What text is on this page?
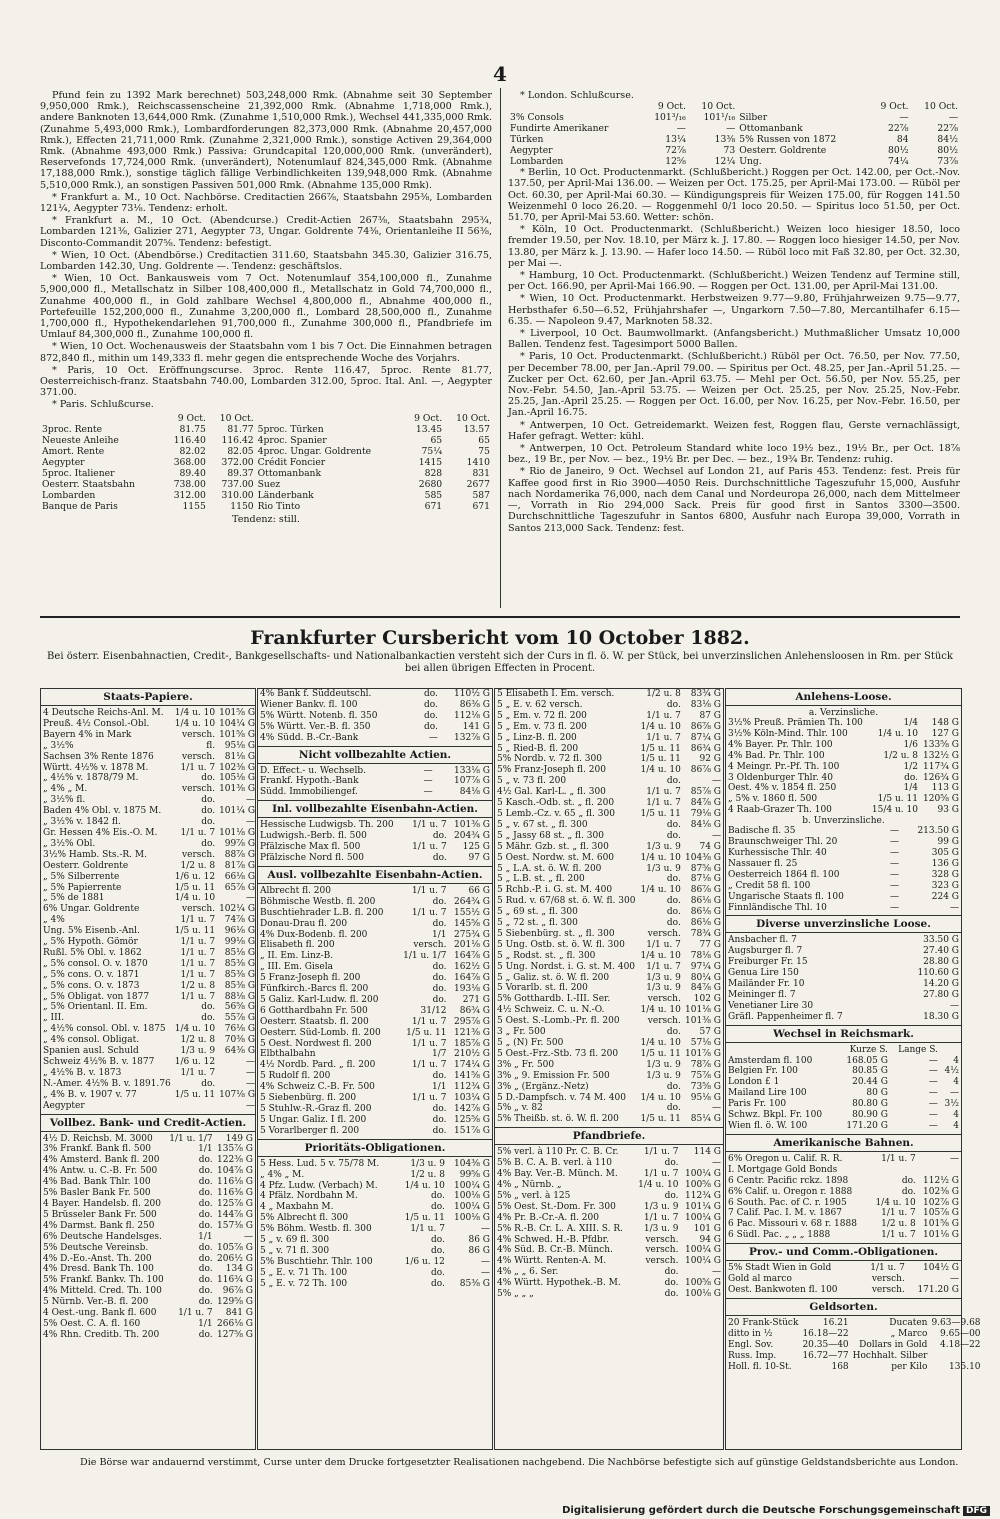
4

Pfund fein zu 1392 Mark berechnet) 503,248,000 Rmk. (Abnahme seit 30 September 9,950,000 Rmk.), Reichscassenscheine 21,392,000 Rmk. (Abnahme 1,718,000 Rmk.), andere Banknoten 13,644,000 Rmk. (Zunahme 1,510,000 Rmk.), Wechsel 441,335,000 Rmk. (Zunahme 5,493,000 Rmk.), Lombardforderungen 82,373,000 Rmk. (Abnahme 20,457,000 Rmk.), Effecten 21,711,000 Rmk. (Zunahme 2,321,000 Rmk.), sonstige Activen 29,364,000 Rmk. (Abnahme 493,000 Rmk.) Passiva: Grundcapital 120,000,000 Rmk. (unverändert), Reservefonds 17,724,000 Rmk. (unverändert), Notenumlauf 824,345,000 Rmk. (Abnahme 17,188,000 Rmk.), sonstige täglich fällige Verbindlichkeiten 139,948,000 Rmk. (Abnahme 5,510,000 Rmk.), an sonstigen Passiven 501,000 Rmk. (Abnahme 135,000 Rmk).

* Frankfurt a. M., 10 Oct. Nachbörse. Creditactien 266⅞, Staatsbahn 295⅜, Lombarden 121¼, Aegypter 73⅛. Tendenz: erholt.

* Frankfurt a. M., 10 Oct. (Abendcurse.) Credit-Actien 267⅜, Staatsbahn 295¾, Lombarden 121⅜, Galizier 271, Aegypter 73, Ungar. Goldrente 74⅜, Orientanleihe II 56⅜, Disconto-Commandit 207⅝. Tendenz: befestigt.

* Wien, 10 Oct. (Abendbörse.) Creditactien 311.60, Staatsbahn 345.30, Galizier 316.75, Lombarden 142.30, Ung. Goldrente —. Tendenz: geschäftslos.

* Wien, 10 Oct. Bankausweis vom 7 Oct. Notenumlauf 354,100,000 fl., Zunahme 5,900,000 fl., Metallschatz in Silber 108,400,000 fl., Metallschatz in Gold 74,700,000 fl., Zunahme 400,000 fl., in Gold zahlbare Wechsel 4,800,000 fl., Abnahme 400,000 fl., Portefeuille 152,200,000 fl., Zunahme 3,200,000 fl., Lombard 28,500,000 fl., Zunahme 1,700,000 fl., Hypothekendarlehen 91,700,000 fl., Zunahme 300,000 fl., Pfandbriefe im Umlauf 84,300,000 fl., Zunahme 100,000 fl.

* Wien, 10 Oct. Wochenausweis der Staatsbahn vom 1 bis 7 Oct. Die Einnahmen betragen 872,840 fl., mithin um 149,333 fl. mehr gegen die entsprechende Woche des Vorjahrs.

* Paris, 10 Oct. Eröffnungscurse. 3proc. Rente 116.47, 5proc. Rente 81.77, Oesterreichisch-franz. Staatsbahn 740.00, Lombarden 312.00, 5proc. Ital. Anl. —, Aegypter 371.00.

* Paris. Schlußcurse.

	9 Oct.	10 Oct.		9 Oct.	10 Oct.
3proc. Rente	81.75	81.77	5proc. Türken	13.45	13.57
Neueste Anleihe	116.40	116.42	4proc. Spanier	65	65
Amort. Rente	82.02	82.05	4proc. Ungar. Goldrente	75¼	75
Aegypter	368.00	372.00	Crédit Foncier	1415	1410
5proc. Italiener	89.40	89.37	Ottomanbank	828	831
Oesterr. Staatsbahn	738.00	737.00	Suez	2680	2677
Lombarden	312.00	310.00	Länderbank	585	587
Banque de Paris	1155	1150	Rio Tinto	671	671
Tendenz: still.
* London. Schlußcurse.
	9 Oct.	10 Oct.		9 Oct.	10 Oct.
3% Consols	101³/₁₆	101¹/₁₆	Silber	—	—
Fundirte Amerikaner	—	—	Ottomanbank	22⅞	22⅞
Türken	13¼	13⅜	5% Russen von 1872	84	84½
Aegypter	72⅞	73	Oesterr. Goldrente	80½	80½
Lombarden	12⅝	12¼	Ung.	74¼	73⅞

* Berlin, 10 Oct. Productenmarkt. (Schlußbericht.) Roggen per Oct. 142.00, per Oct.-Nov. 137.50, per April-Mai 136.00. — Weizen per Oct. 175.25, per April-Mai 173.00. — Rüböl per Oct. 60.30, per April-Mai 60.30. — Kündigungspreis für Weizen 175.00, für Roggen 141.50 Weizenmehl 0 loco 26.20. — Roggenmehl 0/1 loco 20.50. — Spiritus loco 51.50, per Oct. 51.70, per April-Mai 53.60. Wetter: schön.

* Köln, 10 Oct. Productenmarkt. (Schlußbericht.) Weizen loco hiesiger 18.50, loco fremder 19.50, per Nov. 18.10, per März k. J. 17.80. — Roggen loco hiesiger 14.50, per Nov. 13.80, per März k. J. 13.90. — Hafer loco 14.50. — Rüböl loco mit Faß 32.80, per Oct. 32.30, per Mai —.

* Hamburg, 10 Oct. Productenmarkt. (Schlußbericht.) Weizen Tendenz auf Termine still, per Oct. 166.90, per April-Mai 166.90. — Roggen per Oct. 131.00, per April-Mai 131.00.

* Wien, 10 Oct. Productenmarkt. Herbstweizen 9.77—9.80, Frühjahrweizen 9.75—9.77, Herbsthafer 6.50—6.52, Frühjahrshafer —, Ungarkorn 7.50—7.80, Mercantilhafer 6.15—6.35. — Napoleon 9.47, Marknoten 58.32.

* Liverpool, 10 Oct. Baumwollmarkt. (Anfangsbericht.) Muthmaßlicher Umsatz 10,000 Ballen. Tendenz fest. Tagesimport 5000 Ballen.

* Paris, 10 Oct. Productenmarkt. (Schlußbericht.) Rüböl per Oct. 76.50, per Nov. 77.50, per December 78.00, per Jan.-April 79.00. — Spiritus per Oct. 48.25, per Jan.-April 51.25. — Zucker per Oct. 62.60, per Jan.-April 63.75. — Mehl per Oct. 56.50, per Nov. 55.25, per Nov.-Febr. 54.50, Jan.-April 53.75. — Weizen per Oct. 25.25, per Nov. 25.25, Nov.-Febr. 25.25, Jan.-April 25.25. — Roggen per Oct. 16.00, per Nov. 16.25, per Nov.-Febr. 16.50, per Jan.-April 16.75.

* Antwerpen, 10 Oct. Getreidemarkt. Weizen fest, Roggen flau, Gerste vernachlässigt, Hafer gefragt. Wetter: kühl.

* Antwerpen, 10 Oct. Petroleum Standard white loco 19½ bez., 19½ Br., per Oct. 18⅞ bez., 19 Br., per Nov. — bez., 19½ Br. per Dec. — bez., 19¾ Br. Tendenz: ruhig.

* Rio de Janeiro, 9 Oct. Wechsel auf London 21, auf Paris 453. Tendenz: fest. Preis für Kaffee good first in Rio 3900—4050 Reis. Durchschnittliche Tageszufuhr 15,000, Ausfuhr nach Nordamerika 76,000, nach dem Canal und Nordeuropa 26,000, nach dem Mittelmeer —, Vorrath in Rio 294,000 Sack. Preis für good first in Santos 3300—3500. Durchschnittliche Tageszufuhr in Santos 6800, Ausfuhr nach Europa 39,000, Vorrath in Santos 213,000 Sack. Tendenz: fest.

Frankfurter Cursbericht vom 10 October 1882.
Bei österr. Eisenbahnactien, Credit-, Bankgesellschafts- und Nationalbankactien versteht sich der Curs in fl. ö. W. per Stück, bei unverzinslichen Anlehensloosen in Rm. per Stück bei allen übrigen Effecten in Procent.
Staats-Papiere.
4 Deutsche Reichs-Anl. M.	1/4 u. 10	101⅝ G
Preuß. 4½ Consol.-Obl.	1/4 u. 10	104¼ G
Bayern 4% in Mark	versch.	101⅝ G
„ 3½%	fl.	95⅛ G
Sachsen 3% Rente 1876	versch.	81⅛ G
Württ. 4½% v. 1878 M.	1/1 u. 7	102⅜ G
„ 4½% v. 1878/79 M.	do.	105⅛ G
„ 4% „ M.	versch.	101⅜ G
„ 3½% fl.	do.	—
Baden 4% Obl. v. 1875 M.	do.	101¼ G
„ 3½% v. 1842 fl.	do.	—
Gr. Hessen 4% Eis.-O. M.	1/1 u. 7	101⅛ G
„ 3½% Obl.	do.	99⅞ G
3½% Hamb. Sts.-R. M.	versch.	88⅞ G
Oesterr. Goldrente	1/2 u. 8	81⅞ G
„ 5% Silberrente	1/6 u. 12	66⅛ G
„ 5% Papierrente	1/5 u. 11	65⅞ G
„ 5% de 1881	1/4 u. 10	—
6% Ungar. Goldrente	versch.	102¼ G
„ 4%	1/1 u. 7	74⅞ G
Ung. 5% Eisenb.-Anl.	1/5 u. 11	96⅛ G
„ 5% Hypoth. Gömör	1/1 u. 7	99⅛ G
Rußl. 5% Obl. v. 1862	1/1 u. 7	85⅛ G
„ 5% consol. O. v. 1870	1/1 u. 7	85⅜ G
„ 5% cons. O. v. 1871	1/1 u. 7	85⅜ G
„ 5% cons. O. v. 1873	1/2 u. 8	85⅜ G
„ 5% Obligat. von 1877	1/1 u. 7	88⅛ G
„ 5% Orientanl. II. Em.	do.	56⅝ G
„ III.	do.	55⅞ G
„ 4½% consol. Obl. v. 1875	1/4 u. 10	76⅛ G
„ 4% consol. Obligat.	1/2 u. 8	70⅜ G
Spanien ausl. Schuld	1/3 u. 9	64⅜ G
Schweiz 4½% B. v. 1877	1/6 u. 12	—
„ 4½% B. v. 1873	1/1 u. 7	—
N.-Amer. 4½% B. v. 1891.76	do.	—
„ 4% B. v. 1907 v. 77	1/5 u. 11	107⅛ G
Aegypter		—
Vollbez. Bank- und Credit-Actien.
4½ D. Reichsb. M. 3000	1/1 u. 1/7	149 G
3% Frankf. Bank fl. 500	1/1	135⅞ G
4% Amsterd. Bank fl. 200	do.	122⅜ G
4% Antw. u. C.-B. Fr. 500	do.	104⅞ G
4% Bad. Bank Thlr. 100	do.	116⅛ G
5% Basler Bank Fr. 500	do.	116⅜ G
4 Bayer. Handelsb. fl. 200	do.	125⅞ G
5 Brüsseler Bank Fr. 500	do.	144⅞ G
4% Darmst. Bank fl. 250	do.	157⅜ G
6% Deutsche Handelsges.	1/1	—
5% Deutsche Vereinsb.	do.	105⅞ G
4% D.-Eo.-Anst. Th. 200	do.	206½ G
4% Dresd. Bank Th. 100	do.	134 G
5% Frankf. Bankv. Th. 100	do.	116¾ G
4% Mitteld. Cred. Th. 100	do.	96⅞ G
5 Nürnb. Ver.-B. fl. 200	do.	129⅝ G
4 Oest.-ung. Bank fl. 600	1/1 u. 7	841 G
5% Oest. C. A. fl. 160	1/1	266⅛ G
4% Rhn. Creditb. Th. 200	do.	127⅝ G
4% Bank f. Süddeutschl.	do.	110½ G
Wiener Bankv. fl. 100	do.	86⅜ G
5% Württ. Notenb. fl. 350	do.	112⅛ G
5% Württ. Ver.-B. fl. 350	do.	141 G
4% Südd. B.-Cr.-Bank	—	132⅞ G
Nicht vollbezahlte Actien.
D. Effect.- u. Wechselb.	—	133⅛ G
Frankf. Hypoth.-Bank	—	107⅞ G
Südd. Immobiliengef.	—	84⅛ G
Inl. vollbezahlte Eisenbahn-Actien.
Hessische Ludwigsb. Th. 200	1/1 u. 7	101⅜ G
Ludwigsh.-Berb. fl. 500	do.	204¾ G
Pfälzische Max fl. 500	1/1 u. 7	125 G
Pfälzische Nord fl. 500	do.	97 G
Ausl. vollbezahlte Eisenbahn-Actien.
Albrecht fl. 200	1/1 u. 7	66 G
Böhmische Westb. fl. 200	do.	264¾ G
Buschtiehrader L.B. fl. 200	1/1 u. 7	155½ G
Donau-Drau fl. 200	do.	145⅝ G
4% Dux-Bodenb. fl. 200	1/1	275¾ G
Elisabeth fl. 200	versch.	201⅛ G
„ II. Em. Linz-B.	1/1 u. 1/7	164⅞ G
„ III. Em. Gisela	do.	162½ G
5 Franz-Joseph fl. 200	do.	164⅞ G
Fünfkirch.-Barcs fl. 200	do.	193⅛ G
5 Galiz. Karl-Ludw. fl. 200	do.	271 G
6 Gotthardbahn Fr. 500	31/12	86¾ G
Oesterr. Staatsb. fl. 200	1/1 u. 7	295⅞ G
Oesterr. Süd-Lomb. fl. 200	1/5 u. 11	121⅜ G
5 Oest. Nordwest fl. 200	1/1 u. 7	185⅞ G
Elbthalbahn	1/7	210½ G
4½ Nordb. Pard. „ fl. 200	1/1 u. 7	174¼ G
5 Rudolf fl. 200	do.	141⅝ G
4% Schweiz C.-B. Fr. 500	1/1	112¾ G
5 Siebenbürg. fl. 200	1/1 u. 7	103¼ G
5 Stuhlw.-R.-Graz fl. 200	do.	142⅞ G
5 Ungar. Galiz. I fl. 200	do.	125⅝ G
5 Vorarlberger fl. 200	do.	151⅞ G
Prioritäts-Obligationen.
5 Hess. Lud. 5 v. 75/78 M.	1/3 u. 9	104⅜ G
„ 4% „ M.	1/2 u. 8	99⅝ G
4 Pfz. Ludw. (Verbach) M.	1/4 u. 10	100¼ G
4 Pfälz. Nordbahn M.	do.	100⅛ G
4 „ Maxbahn M.	do.	100¼ G
5% Albrecht fl. 300	1/5 u. 11	100⅛ G
5% Böhm. Westb. fl. 300	1/1 u. 7	—
5 „ v. 69 fl. 300	do.	86 G
5 „ v. 71 fl. 300	do.	86 G
5% Buschtiehr. Thlr. 100	1/6 u. 12	—
5 „ E. v. 71 Th. 100	do.	—
5 „ E. v. 72 Th. 100	do.	85⅜ G
5 Elisabeth I. Em. versch.	1/2 u. 8	83¾ G
5 „ E. v. 62 versch.	do.	83⅛ G
5 „ Em. v. 72 fl. 200	1/1 u. 7	87 G
5 „ Em. v. 73 fl. 200	1/4 u. 10	86⅞ G
5 „ Linz-B. fl. 200	1/1 u. 7	87¼ G
5 „ Ried-B. fl. 200	1/5 u. 11	86¾ G
5% Nordb. v. 72 fl. 300	1/5 u. 11	92 G
5% Franz-Joseph fl. 200	1/4 u. 10	86⅞ G
5 „ v. 73 fl. 200	do.	—
4½ Gal. Karl-L. „ fl. 300	1/1 u. 7	85⅞ G
5 Kasch.-Odb. st. „ fl. 200	1/1 u. 7	84⅞ G
5 Lemb.-Cz. v. 65 „ fl. 300	1/5 u. 11	79⅛ G
5 „ v. 67 st. „ fl. 300	do.	84⅛ G
5 „ Jassy 68 st. „ fl. 300	do.	—
5 Mähr. Gzb. st. „ fl. 300	1/3 u. 9	74 G
5 Oest. Nordw. st. M. 600	1/4 u. 10	104⅜ G
5 „ L.A. st. ö. W. fl. 200	1/3 u. 9	87⅝ G
5 „ L.B. st. „ fl. 200	do.	87⅛ G
5 Rchb.-P. i. G. st. M. 400	1/4 u. 10	86⅞ G
5 Rud. v. 67/68 st. ö. W. fl. 300	do.	86⅛ G
5 „ 69 st. „ fl. 300	do.	86⅛ G
5 „ 72 st. „ fl. 300	do.	86⅛ G
5 Siebenbürg. st. „ fl. 300	versch.	78¾ G
5 Ung. Ostb. st. ö. W. fl. 300	1/1 u. 7	77 G
5 „ Rodst. st. „ fl. 300	1/4 u. 10	78⅛ G
5 Ung. Nordst. i. G. st. M. 400	1/1 u. 7	97¼ G
5 „ Galiz. st. ö. W. fl. 200	1/3 u. 9	80¼ G
5 Vorarlb. st. fl. 200	1/3 u. 9	84⅞ G
5% Gotthardb. I.-III. Ser.	versch.	102 G
4½ Schweiz. C. u. N.-O.	1/4 u. 10	101⅛ G
5 Oest. S.-Lomb.-Pr. fl. 200	versch.	101⅜ G
3 „ Fr. 500	do.	57 G
5 „ (N) Fr. 500	1/4 u. 10	57⅛ G
5 Oest.-Frz.-Stb. 73 fl. 200	1/5 u. 11	101⅞ G
3% „ Fr. 500	1/3 u. 9	78⅞ G
3% „ 9. Emission Fr. 500	1/3 u. 9	75⅞ G
3% „ (Ergänz.-Netz)	do.	73⅝ G
5 D.-Dampfsch. v. 74 M. 400	1/4 u. 10	95⅛ G
5% „ v. 82	do.	—
5% Theißb. st. ö. W. fl. 200	1/5 u. 11	85¼ G
Pfandbriefe.
5% verl. à 110 Pr. C. B. Cr.	1/1 u. 7	114 G
5% B. C. A. B. verl. à 110	do.	—
4% Bay. Ver.-B. Münch. M.	1/1 u. 7	100¼ G
4% „ Nürnb. „	1/4 u. 10	100⅝ G
5% „ verl. à 125	do.	112¾ G
5% Oest. St.-Dom. Fr. 300	1/3 u. 9	101¼ G
4% Pr. B.-Cr.-A. fl. 200	1/1 u. 7	100¼ G
5% R.-B. Cr. L. A. XIII. S. R.	1/3 u. 9	101 G
4% Schwed. H.-B. Pfdbr.	versch.	94 G
4% Süd. B. Cr.-B. Münch.	versch.	100¼ G
4% Württ. Renten-A. M.	versch.	100¼ G
4% „ „ 6. Ser.	do.	—
4% Württ. Hypothek.-B. M.	do.	100⅝ G
5% „ „ „	do.	100⅛ G
Anlehens-Loose.
a. Verzinsliche.
3½% Preuß. Prämien Th. 100	1/4	148 G
3½% Köln-Mind. Thlr. 100	1/4 u. 10	127 G
4% Bayer. Pr. Thlr. 100	1/6	133⅝ G
4% Bad. Pr. Thlr. 100	1/2 u. 8	132½ G
4 Meingr. Pr.-Pf. Th. 100	1/2	117¾ G
3 Oldenburger Thlr. 40	do.	126¾ G
Oest. 4% v. 1854 fl. 250	1/4	113 G
„ 5% v. 1860 fl. 500	1/5 u. 11	120⅝ G
4 Raab-Grazer Th. 100	15/4 u. 10	93 G
b. Unverzinsliche.
Badische fl. 35	—	213.50 G
Braunschweiger Thl. 20	—	99 G
Kurhessische Thlr. 40	—	305 G
Nassauer fl. 25	—	136 G
Oesterreich 1864 fl. 100	—	328 G
„ Credit 58 fl. 100	—	323 G
Ungarische Staats fl. 100	—	224 G
Finnländische Thl. 10	—	—
Diverse unverzinsliche Loose.
Ansbacher fl. 7	33.50 G
Augsburger fl. 7	27.40 G
Freiburger Fr. 15	28.80 G
Genua Lire 150	110.60 G
Mailänder Fr. 10	14.20 G
Meininger fl. 7	27.80 G
Venetianer Lire 30	—
Gräfl. Pappenheimer fl. 7	18.30 G
Wechsel in Reichsmark.
	Kurze S.	Lange S.	
Amsterdam fl. 100	168.05 G	—	4
Belgien Fr. 100	80.85 G	—	4½
London £ 1	20.44 G	—	4
Mailand Lire 100	80 G	—	—
Paris Fr. 100	80.80 G	—	3½
Schwz. Bkpl. Fr. 100	80.90 G	—	4
Wien fl. ö. W. 100	171.20 G	—	4
Amerikanische Bahnen.
6% Oregon u. Calif. R. R.	1/1 u. 7	—
I. Mortgage Gold Bonds		
6 Centr. Pacific rckz. 1898	do.	112½ G
6% Calif. u. Oregon r. 1888	do.	102⅜ G
6 South. Pac. of C. r. 1905	1/4 u. 10	102⅞ G
7 Calif. Pac. I. M. v. 1867	1/1 u. 7	105⅞ G
6 Pac. Missouri v. 68 r. 1888	1/2 u. 8	101⅝ G
6 Südl. Pac. „ „ „ 1888	1/1 u. 7	101⅛ G
Prov.- und Comm.-Obligationen.
5% Stadt Wien in Gold	1/1 u. 7	104½ G
Gold al marco	versch.	—
Oest. Bankwoten fl. 100	versch.	171.20 G
Geldsorten.
20 Frank-Stück	16.21	Ducaten	9.63—9.68
ditto in ½	16.18—22	„ Marco	9.65—00
Engl. Sov.	20.35—40	Dollars in Gold	4.18—22
Russ. Imp.	16.72—77	Hochhalt. Silber	
Holl. fl. 10-St.	168	per Kilo	135.10
Die Börse war andauernd verstimmt, Curse unter dem Drucke fortgesetzter Realisationen nachgebend. Die Nachbörse befestigte sich auf günstige Geldstandsberichte aus London.
Digitalisierung gefördert durch die Deutsche Forschungsgemeinschaft DFG
